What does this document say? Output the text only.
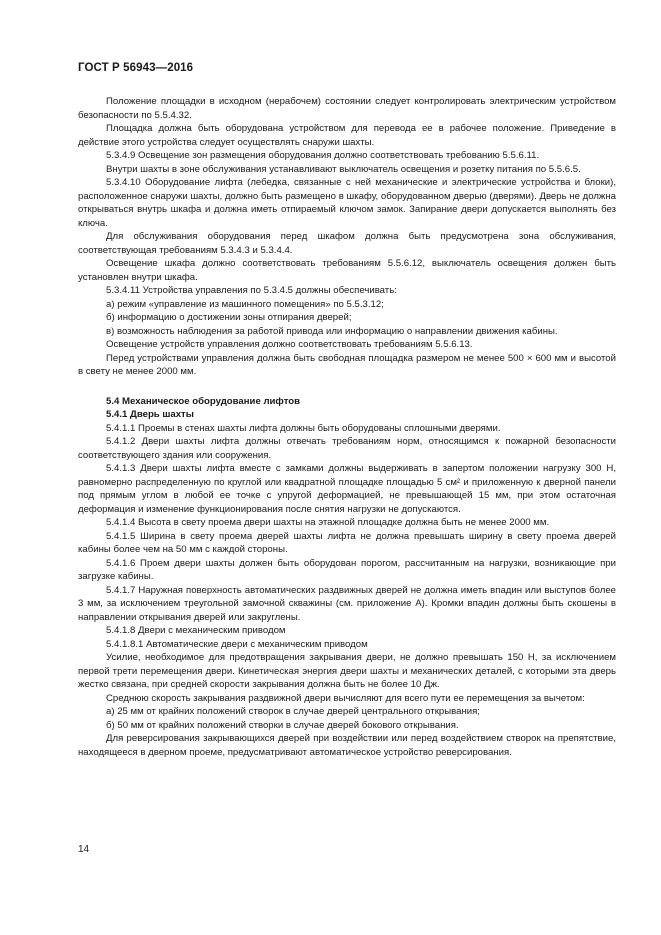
ГОСТ Р 56943—2016

Положение площадки в исходном (нерабочем) состоянии следует контролировать электрическим устройством безопасности по 5.5.4.32.

Площадка должна быть оборудована устройством для перевода ее в рабочее положение. Приведение в действие этого устройства следует осуществлять снаружи шахты.

5.3.4.9 Освещение зон размещения оборудования должно соответствовать требованию 5.5.6.11.

Внутри шахты в зоне обслуживания устанавливают выключатель освещения и розетку питания по 5.5.6.5.

5.3.4.10 Оборудование лифта (лебедка, связанные с ней механические и электрические устройства и блоки), расположенное снаружи шахты, должно быть размещено в шкафу, оборудованном дверью (дверями). Дверь не должна открываться внутрь шкафа и должна иметь отпираемый ключом замок. Запирание двери допускается выполнять без ключа.

Для обслуживания оборудования перед шкафом должна быть предусмотрена зона обслуживания, соответствующая требованиям 5.3.4.3 и 5.3.4.4.

Освещение шкафа должно соответствовать требованиям 5.5.6.12, выключатель освещения должен быть установлен внутри шкафа.

5.3.4.11 Устройства управления по 5.3.4.5 должны обеспечивать:

а) режим «управление из машинного помещения» по 5.5.3.12;

б) информацию о достижении зоны отпирания дверей;

в) возможность наблюдения за работой привода или информацию о направлении движения кабины.

Освещение устройств управления должно соответствовать требованиям 5.5.6.13.

Перед устройствами управления должна быть свободная площадка размером не менее 500 × 600 мм и высотой в свету не менее 2000 мм.

5.4 Механическое оборудование лифтов

5.4.1 Дверь шахты

5.4.1.1 Проемы в стенах шахты лифта должны быть оборудованы сплошными дверями.

5.4.1.2 Двери шахты лифта должны отвечать требованиям норм, относящимся к пожарной безопасности соответствующего здания или сооружения.

5.4.1.3 Двери шахты лифта вместе с замками должны выдерживать в запертом положении нагрузку 300 Н, равномерно распределенную по круглой или квадратной площадке площадью 5 см² и приложенную к дверной панели под прямым углом в любой ее точке с упругой деформацией, не превышающей 15 мм, при этом остаточная деформация и изменение функционирования после снятия нагрузки не допускаются.

5.4.1.4 Высота в свету проема двери шахты на этажной площадке должна быть не менее 2000 мм.

5.4.1.5 Ширина в свету проема дверей шахты лифта не должна превышать ширину в свету проема дверей кабины более чем на 50 мм с каждой стороны.

5.4.1.6 Проем двери шахты должен быть оборудован порогом, рассчитанным на нагрузки, возникающие при загрузке кабины.

5.4.1.7 Наружная поверхность автоматических раздвижных дверей не должна иметь впадин или выступов более 3 мм, за исключением треугольной замочной скважины (см. приложение А). Кромки впадин должны быть скошены в направлении открывания дверей или закруглены.

5.4.1.8 Двери с механическим приводом

5.4.1.8.1 Автоматические двери с механическим приводом

Усилие, необходимое для предотвращения закрывания двери, не должно превышать 150 Н, за исключением первой трети перемещения двери. Кинетическая энергия двери шахты и механических деталей, с которыми эта дверь жестко связана, при средней скорости закрывания должна быть не более 10 Дж.

Среднюю скорость закрывания раздвижной двери вычисляют для всего пути ее перемещения за вычетом:

а) 25 мм от крайних положений створок в случае дверей центрального открывания;

б) 50 мм от крайних положений створки в случае дверей бокового открывания.

Для реверсирования закрывающихся дверей при воздействии или перед воздействием створок на препятствие, находящееся в дверном проеме, предусматривают автоматическое устройство реверсирования.

14
